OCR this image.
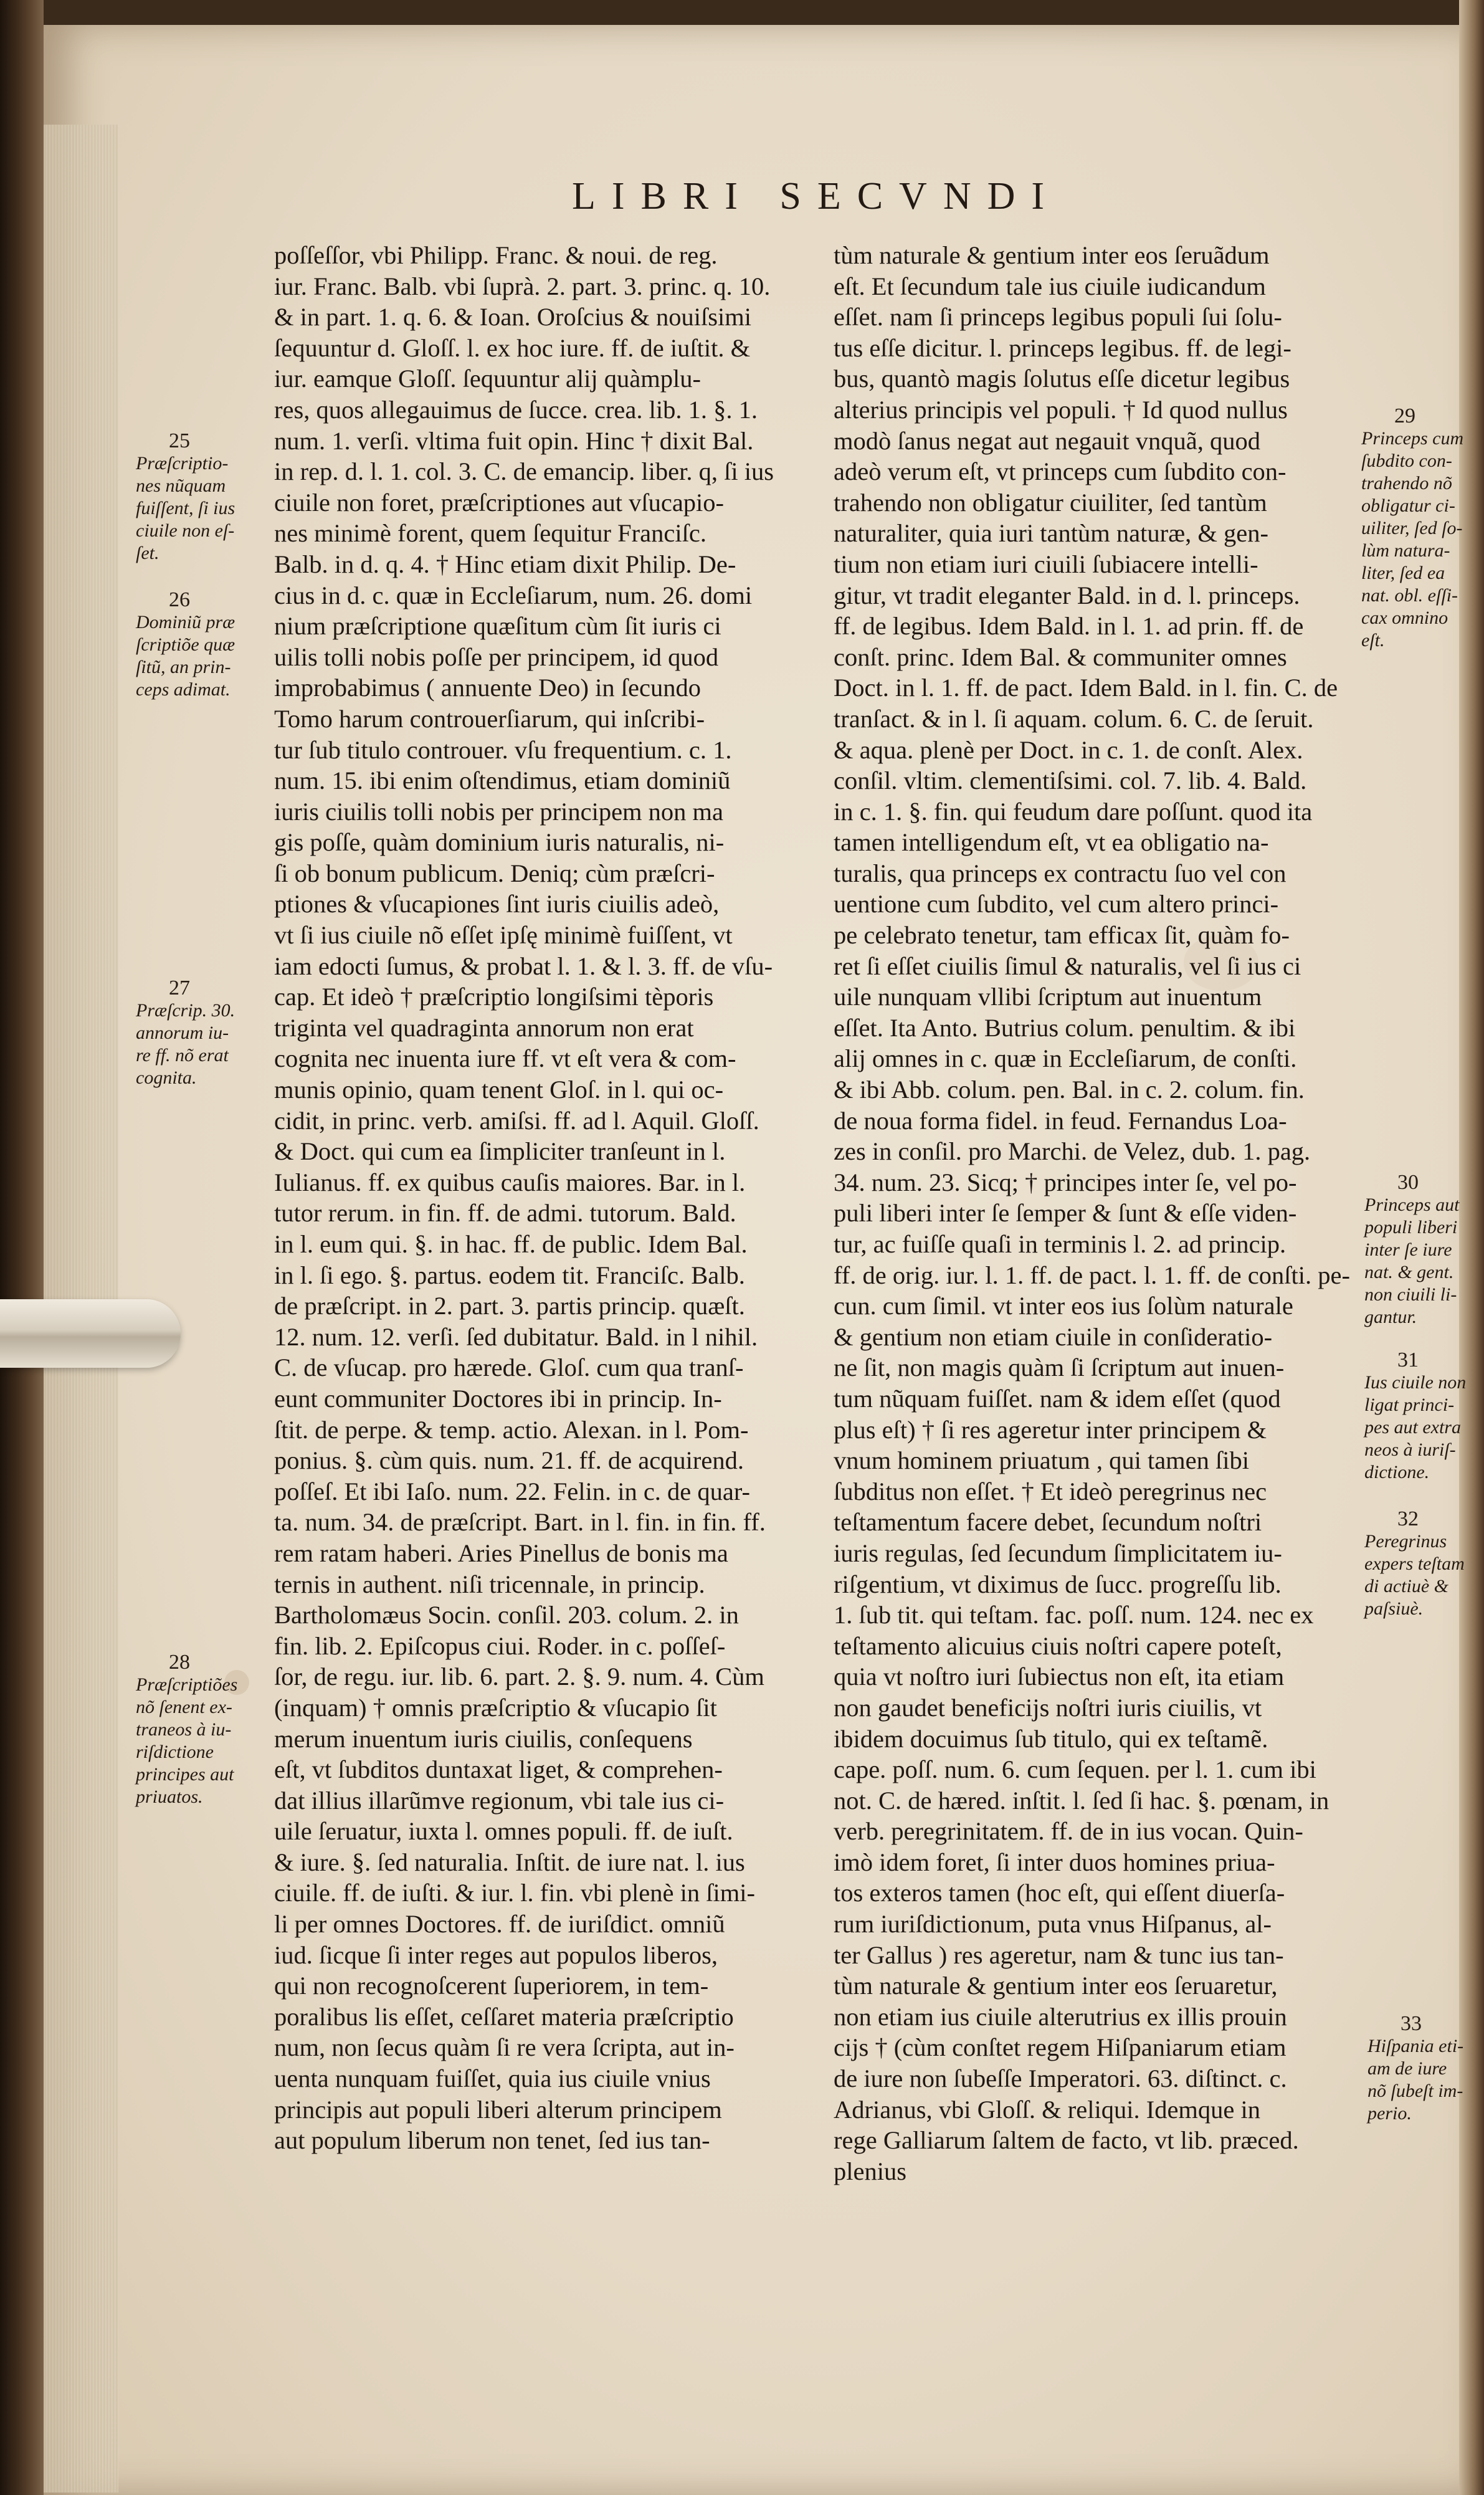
LIBRI SECVNDI
poſſeſſor, vbi Philipp. Franc. & noui. de reg.
iur. Franc. Balb. vbi ſuprà. 2. part. 3. princ. q. 10.
& in part. 1. q. 6. & Ioan. Oroſcius & nouiſsimi
ſequuntur d. Gloſſ. l. ex hoc iure. ff. de iuſtit. &
iur. eamque Gloſſ. ſequuntur alij quàmplu-
res, quos allegauimus de ſucce. crea. lib. 1. §. 1.
num. 1. verſi. vltima fuit opin. Hinc † dixit Bal.
in rep. d. l. 1. col. 3. C. de emancip. liber. q, ſi ius
ciuile non foret, præſcriptiones aut vſucapio-
nes minimè forent, quem ſequitur Franciſc.
Balb. in d. q. 4. † Hinc etiam dixit Philip. De-
cius in d. c. quæ in Eccleſiarum, num. 26. domi
nium præſcriptione quæſitum cùm ſit iuris ci
uilis tolli nobis poſſe per principem, id quod
improbabimus ( annuente Deo) in ſecundo
Tomo harum controuerſiarum, qui inſcribi-
tur ſub titulo controuer. vſu frequentium. c. 1.
num. 15. ibi enim oſtendimus, etiam dominiũ
iuris ciuilis tolli nobis per principem non ma
gis poſſe, quàm dominium iuris naturalis, ni-
ſi ob bonum publicum. Deniq; cùm præſcri-
ptiones & vſucapiones ſint iuris ciuilis adeò,
vt ſi ius ciuile nõ eſſet ipſę minimè fuiſſent, vt
iam edocti ſumus, & probat l. 1. & l. 3. ff. de vſu-
cap. Et ideò † præſcriptio longiſsimi tèporis
triginta vel quadraginta annorum non erat
cognita nec inuenta iure ff. vt eſt vera & com-
munis opinio, quam tenent Gloſ. in l. qui oc-
cidit, in princ. verb. amiſsi. ff. ad l. Aquil. Gloſſ.
& Doct. qui cum ea ſimpliciter tranſeunt in l.
Iulianus. ff. ex quibus cauſis maiores. Bar. in l.
tutor rerum. in fin. ff. de admi. tutorum. Bald.
in l. eum qui. §. in hac. ff. de public. Idem Bal.
in l. ſi ego. §. partus. eodem tit. Franciſc. Balb.
de præſcript. in 2. part. 3. partis princip. quæſt.
12. num. 12. verſi. ſed dubitatur. Bald. in l nihil.
C. de vſucap. pro hærede. Gloſ. cum qua tranſ-
eunt communiter Doctores ibi in princip. In-
ſtit. de perpe. & temp. actio. Alexan. in l. Pom-
ponius. §. cùm quis. num. 21. ff. de acquirend.
poſſeſ. Et ibi Iaſo. num. 22. Felin. in c. de quar-
ta. num. 34. de præſcript. Bart. in l. fin. in fin. ff.
rem ratam haberi. Aries Pinellus de bonis ma
ternis in authent. niſi tricennale, in princip.
Bartholomæus Socin. conſil. 203. colum. 2. in
fin. lib. 2. Epiſcopus ciui. Roder. in c. poſſeſ-
ſor, de regu. iur. lib. 6. part. 2. §. 9. num. 4. Cùm
(inquam) † omnis præſcriptio & vſucapio ſit
merum inuentum iuris ciuilis, conſequens
eſt, vt ſubditos duntaxat liget, & comprehen-
dat illius illarũmve regionum, vbi tale ius ci-
uile ſeruatur, iuxta l. omnes populi. ff. de iuſt.
& iure. §. ſed naturalia. Inſtit. de iure nat. l. ius
ciuile. ff. de iuſti. & iur. l. fin. vbi plenè in ſimi-
li per omnes Doctores. ff. de iuriſdict. omniũ
iud. ſicque ſi inter reges aut populos liberos,
qui non recognoſcerent ſuperiorem, in tem-
poralibus lis eſſet, ceſſaret materia præſcriptio
num, non ſecus quàm ſi re vera ſcripta, aut in-
uenta nunquam fuiſſet, quia ius ciuile vnius
principis aut populi liberi alterum principem
aut populum liberum non tenet, ſed ius tan-
tùm naturale & gentium inter eos ſeruãdum
eſt. Et ſecundum tale ius ciuile iudicandum
eſſet. nam ſi princeps legibus populi ſui ſolu-
tus eſſe dicitur. l. princeps legibus. ff. de legi-
bus, quantò magis ſolutus eſſe dicetur legibus
alterius principis vel populi. † Id quod nullus
modò ſanus negat aut negauit vnquã, quod
adeò verum eſt, vt princeps cum ſubdito con-
trahendo non obligatur ciuiliter, ſed tantùm
naturaliter, quia iuri tantùm naturæ, & gen-
tium non etiam iuri ciuili ſubiacere intelli-
gitur, vt tradit eleganter Bald. in d. l. princeps.
ff. de legibus. Idem Bald. in l. 1. ad prin. ff. de
conſt. princ. Idem Bal. & communiter omnes
Doct. in l. 1. ff. de pact. Idem Bald. in l. fin. C. de
tranſact. & in l. ſi aquam. colum. 6. C. de ſeruit.
& aqua. plenè per Doct. in c. 1. de conſt. Alex.
conſil. vltim. clementiſsimi. col. 7. lib. 4. Bald.
in c. 1. §. fin. qui feudum dare poſſunt. quod ita
tamen intelligendum eſt, vt ea obligatio na-
turalis, qua princeps ex contractu ſuo vel con
uentione cum ſubdito, vel cum altero princi-
pe celebrato tenetur, tam efficax ſit, quàm fo-
ret ſi eſſet ciuilis ſimul & naturalis, vel ſi ius ci
uile nunquam vllibi ſcriptum aut inuentum
eſſet. Ita Anto. Butrius colum. penultim. & ibi
alij omnes in c. quæ in Eccleſiarum, de conſti.
& ibi Abb. colum. pen. Bal. in c. 2. colum. fin.
de noua forma fidel. in feud. Fernandus Loa-
zes in conſil. pro Marchi. de Velez, dub. 1. pag.
34. num. 23. Sicq; † principes inter ſe, vel po-
puli liberi inter ſe ſemper & ſunt & eſſe viden-
tur, ac fuiſſe quaſi in terminis l. 2. ad princip.
ff. de orig. iur. l. 1. ff. de pact. l. 1. ff. de conſti. pe-
cun. cum ſimil. vt inter eos ius ſolùm naturale
& gentium non etiam ciuile in conſideratio-
ne ſit, non magis quàm ſi ſcriptum aut inuen-
tum nũquam fuiſſet. nam & idem eſſet (quod
plus eſt) † ſi res ageretur inter principem &
vnum hominem priuatum , qui tamen ſibi
ſubditus non eſſet. † Et ideò peregrinus nec
teſtamentum facere debet, ſecundum noſtri
iuris regulas, ſed ſecundum ſimplicitatem iu-
riſgentium, vt diximus de ſucc. progreſſu lib.
1. ſub tit. qui teſtam. fac. poſſ. num. 124. nec ex
teſtamento alicuius ciuis noſtri capere poteſt,
quia vt noſtro iuri ſubiectus non eſt, ita etiam
non gaudet beneficijs noſtri iuris ciuilis, vt
ibidem docuimus ſub titulo, qui ex teſtamẽ.
cape. poſſ. num. 6. cum ſequen. per l. 1. cum ibi
not. C. de hæred. inſtit. l. ſed ſi hac. §. pœnam, in
verb. peregrinitatem. ff. de in ius vocan. Quin-
imò idem foret, ſi inter duos homines priua-
tos exteros tamen (hoc eſt, qui eſſent diuerſa-
rum iuriſdictionum, puta vnus Hiſpanus, al-
ter Gallus ) res ageretur, nam & tunc ius tan-
tùm naturale & gentium inter eos ſeruaretur,
non etiam ius ciuile alterutrius ex illis prouin
cijs † (cùm conſtet regem Hiſpaniarum etiam
de iure non ſubeſſe Imperatori. 63. diſtinct. c.
Adrianus, vbi Gloſſ. & reliqui. Idemque in
rege Galliarum ſaltem de facto, vt lib. præced.
plenius
25
Præſcriptio-
nes nũquam
fuiſſent, ſi ius
ciuile non eſ-
ſet.
26
Dominiũ præ
ſcriptiõe quæ
ſitũ, an prin-
ceps adimat.
27
Præſcrip. 30.
annorum iu-
re ff. nõ erat
cognita.
28
Præſcriptiões
nõ ſenent ex-
traneos à iu-
riſdictione
principes aut
priuatos.
29
Princeps cum
ſubdito con-
trahendo nõ
obligatur ci-
uiliter, ſed ſo-
lùm natura-
liter, ſed ea
nat. obl. eſſi-
cax omnino
eſt.
30
Princeps aut
populi liberi
inter ſe iure
nat. & gent.
non ciuili li-
gantur.
31
Ius ciuile non
ligat princi-
pes aut extra
neos à iuriſ-
dictione.
32
Peregrinus
expers teſtam
di actiuè &
paſsiuè.
33
Hiſpania eti-
am de iure
nõ ſubeſt im-
perio.
